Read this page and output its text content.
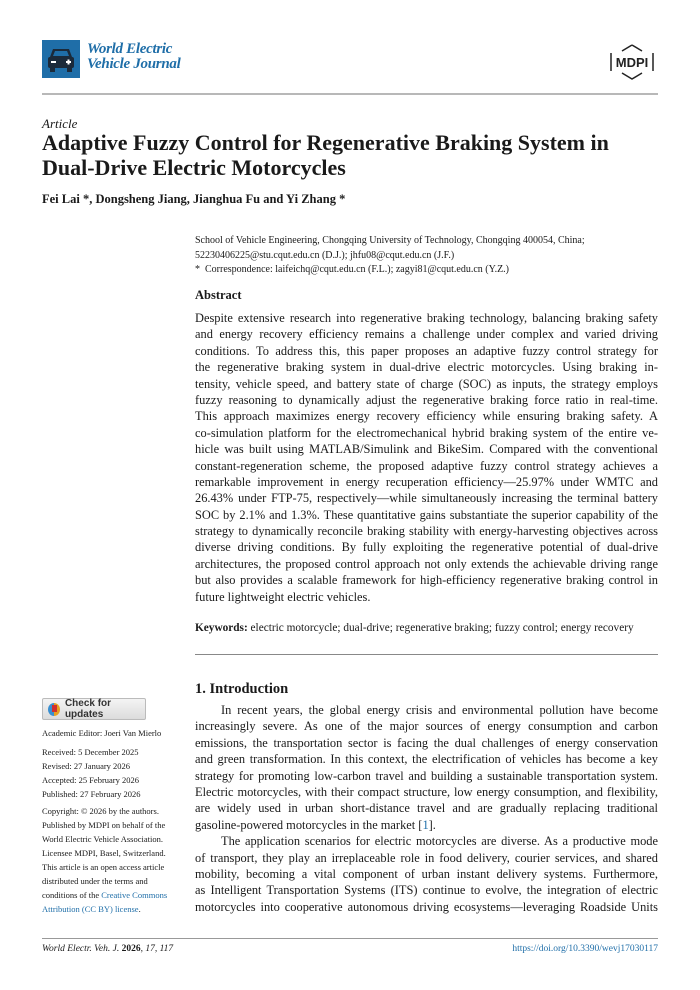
World Electric
Vehicle Journal	MDPI
Article
Adaptive Fuzzy Control for Regenerative Braking System in
Dual-Drive Electric Motorcycles
Fei Lai *, Dongsheng Jiang, Jianghua Fu and Yi Zhang *
School of Vehicle Engineering, Chongqing University of Technology, Chongqing 400054, China;
52230406225@stu.cqut.edu.cn (D.J.); jhfu08@cqut.edu.cn (J.F.)
* Correspondence: laifeichq@cqut.edu.cn (F.L.); zagyi81@cqut.edu.cn (Y.Z.)
Abstract
Despite extensive research into regenerative braking technology, balancing braking safety
and energy recovery efficiency remains a challenge under complex and varied driving
conditions. To address this, this paper proposes an adaptive fuzzy control strategy for
the regenerative braking system in dual-drive electric motorcycles. Using braking in-
tensity, vehicle speed, and battery state of charge (SOC) as inputs, the strategy employs
fuzzy reasoning to dynamically adjust the regenerative braking force ratio in real-time.
This approach maximizes energy recovery efficiency while ensuring braking safety. A
co-simulation platform for the electromechanical hybrid braking system of the entire ve-
hicle was built using MATLAB/Simulink and BikeSim. Compared with the conventional
constant-regeneration scheme, the proposed adaptive fuzzy control strategy achieves a
remarkable improvement in energy recuperation efficiency—25.97% under WMTC and
26.43% under FTP-75, respectively—while simultaneously increasing the terminal battery
SOC by 2.1% and 1.3%. These quantitative gains substantiate the superior capability of the
strategy to dynamically reconcile braking stability with energy-harvesting objectives across
diverse driving conditions. By fully exploiting the regenerative potential of dual-drive
architectures, the proposed control approach not only extends the achievable driving range
but also provides a scalable framework for high-efficiency regenerative braking control in
future lightweight electric vehicles.
Keywords: electric motorcycle; dual-drive; regenerative braking; fuzzy control; energy recovery
1. Introduction
In recent years, the global energy crisis and environmental pollution have become
increasingly severe. As one of the major sources of energy consumption and carbon
emissions, the transportation sector is facing the dual challenges of energy conservation
and green transformation. In this context, the electrification of vehicles has become a key
strategy for promoting low-carbon travel and building a sustainable transportation system.
Electric motorcycles, with their compact structure, low energy consumption, and flexibility,
are widely used in urban short-distance travel and are gradually replacing traditional
gasoline-powered motorcycles in the market [1].
The application scenarios for electric motorcycles are diverse. As a productive mode
of transport, they play an irreplaceable role in food delivery, courier services, and shared
mobility, becoming a vital component of urban instant delivery systems. Furthermore,
as Intelligent Transportation Systems (ITS) continue to evolve, the integration of electric
motorcycles into cooperative autonomous driving ecosystems—leveraging Roadside Units
Check for updates
Academic Editor: Joeri Van Mierlo
Received: 5 December 2025
Revised: 27 January 2026
Accepted: 25 February 2026
Published: 27 February 2026
Copyright: © 2026 by the authors.
Published by MDPI on behalf of the
World Electric Vehicle Association.
Licensee MDPI, Basel, Switzerland.
This article is an open access article
distributed under the terms and
conditions of the Creative Commons
Attribution (CC BY) license.
World Electr. Veh. J. 2026, 17, 117	https://doi.org/10.3390/wevj17030117
